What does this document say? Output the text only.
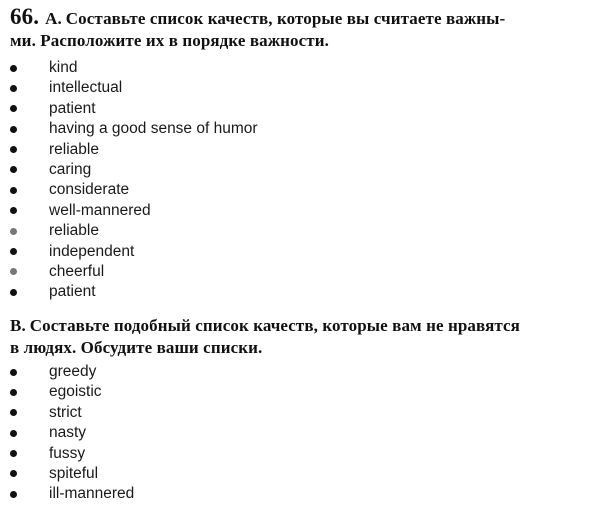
66. А. Составьте список качеств, которые вы считаете важны-
ми. Расположите их в порядке важности.
kind
intellectual
patient
having a good sense of humor
reliable
caring
considerate
well-mannered
reliable
independent
cheerful
patient
В. Составьте подобный список качеств, которые вам не нравятся
в людях. Обсудите ваши списки.
greedy
egoistic
strict
nasty
fussy
spiteful
ill-mannered
